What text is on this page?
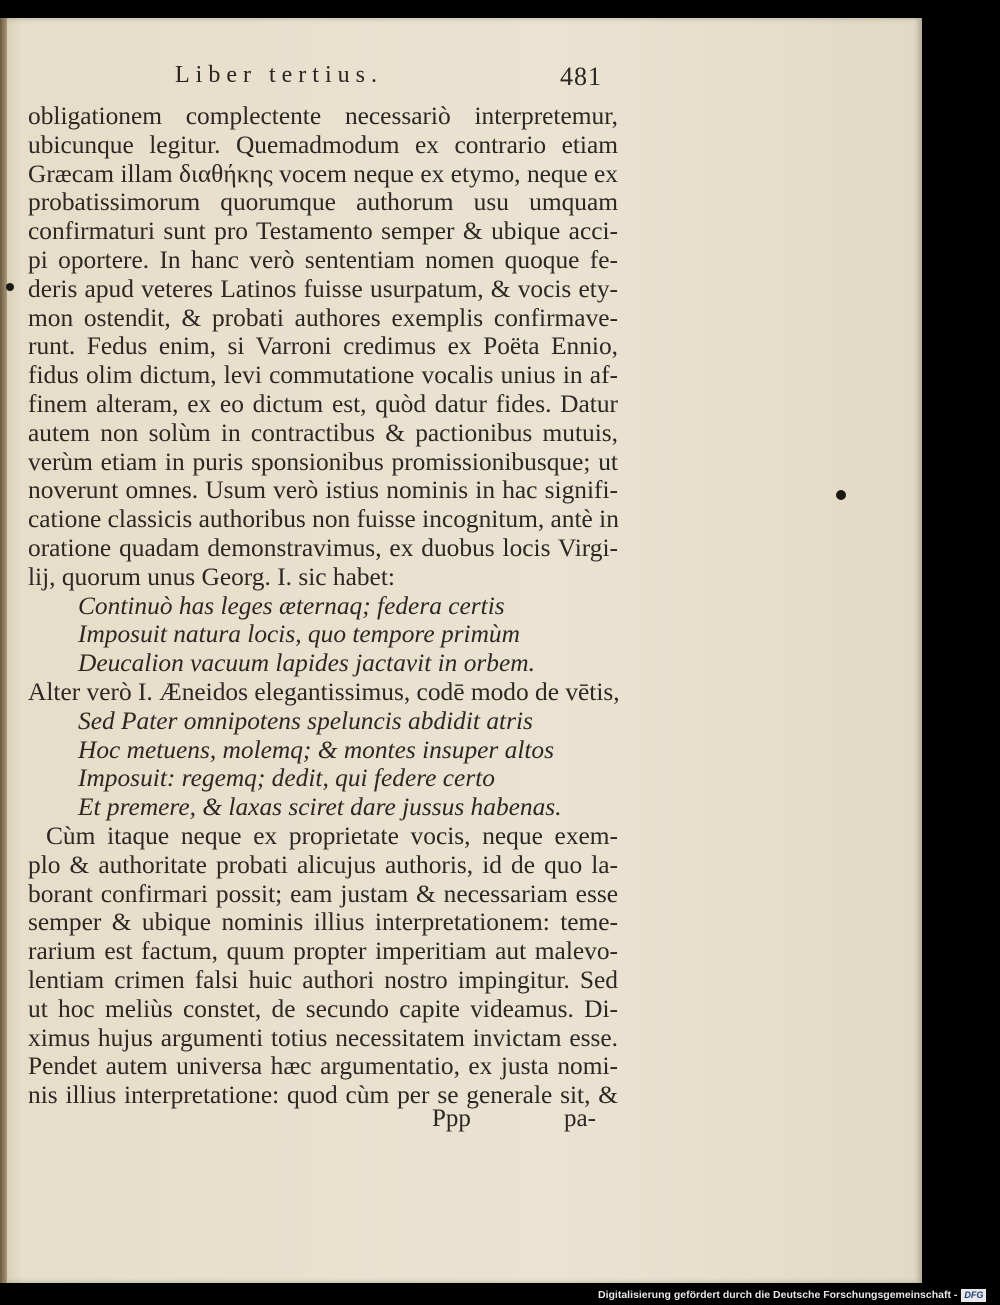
Liber tertius.	481
obligationem complectente necessariò interpretemur,
ubicunque legitur. Quemadmodum ex contrario etiam
Græcam illam διαθήκης vocem neque ex etymo, neque ex
probatissimorum quorumque authorum usu umquam
confirmaturi sunt pro Testamento semper & ubique acci-
pi oportere. In hanc verò sententiam nomen quoque fe-
deris apud veteres Latinos fuisse usurpatum, & vocis ety-
mon ostendit, & probati authores exemplis confirmave-
runt. Fedus enim, si Varroni credimus ex Poëta Ennio,
fidus olim dictum, levi commutatione vocalis unius in af-
finem alteram, ex eo dictum est, quòd datur fides. Datur
autem non solùm in contractibus & pactionibus mutuis,
verùm etiam in puris sponsionibus promissionibusque; ut
noverunt omnes. Usum verò istius nominis in hac signifi-
catione classicis authoribus non fuisse incognitum, antè in
oratione quadam demonstravimus, ex duobus locis Virgi-
lij, quorum unus Georg. I. sic habet:
Continuò has leges æternaq; federa certis
Imposuit natura locis, quo tempore primùm
Deucalion vacuum lapides jactavit in orbem.
Alter verò I. Æneidos elegantissimus, codē modo de vētis,
Sed Pater omnipotens speluncis abdidit atris
Hoc metuens, molemq; & montes insuper altos
Imposuit: regemq; dedit, qui federe certo
Et premere, & laxas sciret dare jussus habenas.
Cùm itaque neque ex proprietate vocis, neque exem-
plo & authoritate probati alicujus authoris, id de quo la-
borant confirmari possit; eam justam & necessariam esse
semper & ubique nominis illius interpretationem: teme-
rarium est factum, quum propter imperitiam aut malevo-
lentiam crimen falsi huic authori nostro impingitur. Sed
ut hoc meliùs constet, de secundo capite videamus. Di-
ximus hujus argumenti totius necessitatem invictam esse.
Pendet autem universa hæc argumentatio, ex justa nomi-
nis illius interpretatione: quod cùm per se generale sit, &
Ppp	pa-
Digitalisierung gefördert durch die Deutsche Forschungsgemeinschaft - DFG
